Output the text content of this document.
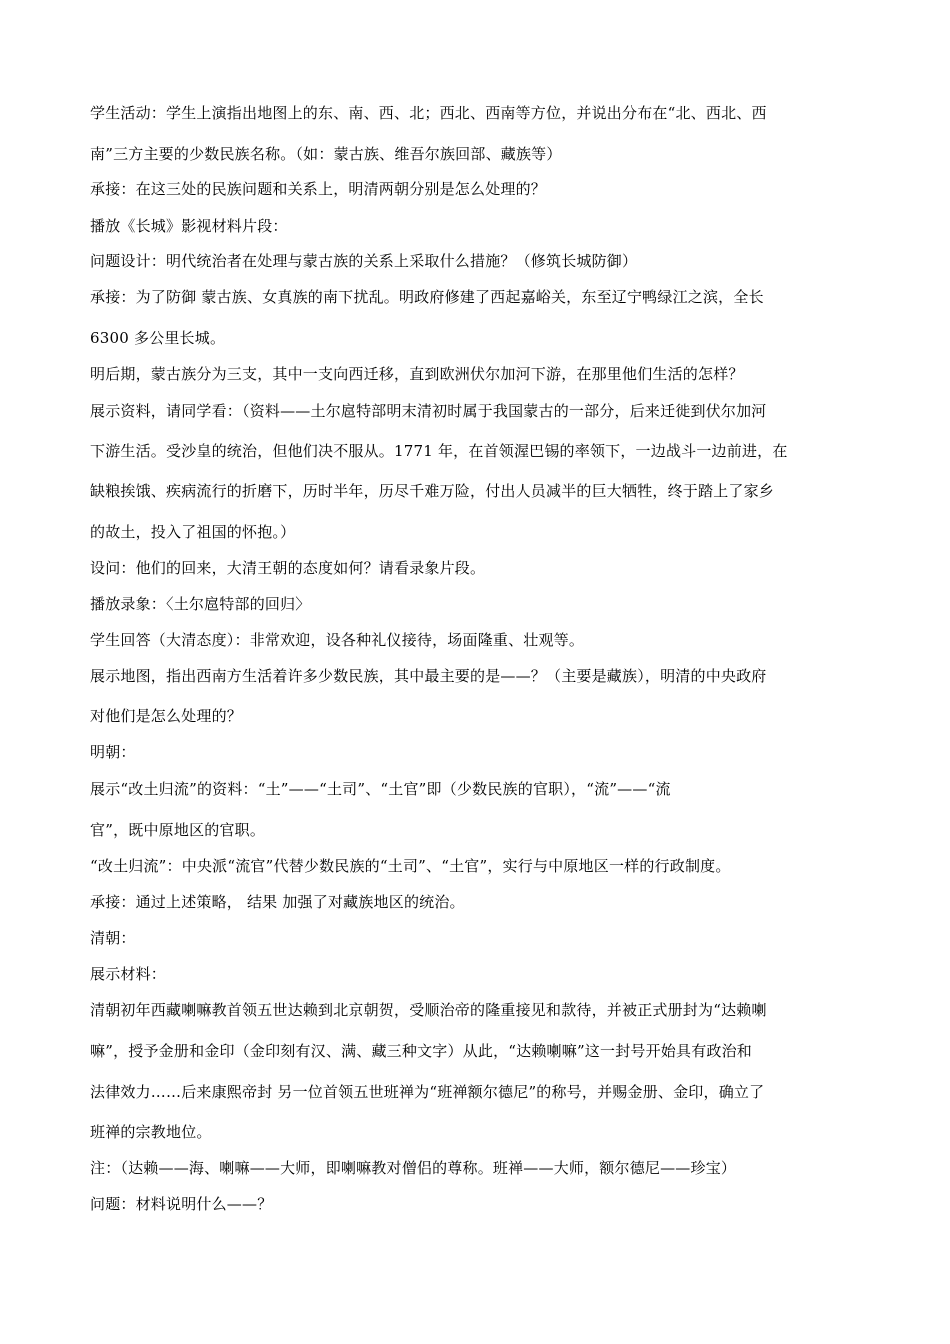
学生活动：学生上演指出地图上的东、南、西、北；西北、西南等方位，并说出分布在“北、西北、西
南”三方主要的少数民族名称。（如：蒙古族、维吾尔族回部、藏族等）
承接：在这三处的民族问题和关系上，明清两朝分别是怎么处理的？
播放《长城》影视材料片段：
问题设计：明代统治者在处理与蒙古族的关系上采取什么措施？（修筑长城防御）
承接：为了防御 蒙古族、女真族的南下扰乱。明政府修建了西起嘉峪关，东至辽宁鸭绿江之滨，全长
6300 多公里长城。
明后期，蒙古族分为三支，其中一支向西迁移，直到欧洲伏尔加河下游，在那里他们生活的怎样？
展示资料，请同学看：（资料——土尔扈特部明末清初时属于我国蒙古的一部分，后来迁徙到伏尔加河
下游生活。受沙皇的统治，但他们决不服从。1771 年，在首领渥巴锡的率领下，一边战斗一边前进，在
缺粮挨饿、疾病流行的折磨下，历时半年，历尽千难万险，付出人员减半的巨大牺牲，终于踏上了家乡
的故土，投入了祖国的怀抱。）
设问：他们的回来，大清王朝的态度如何？请看录象片段。
播放录象：〈土尔扈特部的回归〉
学生回答（大清态度）：非常欢迎，设各种礼仪接待，场面隆重、壮观等。
展示地图，指出西南方生活着许多少数民族，其中最主要的是——？（主要是藏族），明清的中央政府
对他们是怎么处理的？
明朝：
展示“改土归流”的资料：“土”——“土司”、“土官”即（少数民族的官职），“流”——“流
官”，既中原地区的官职。
“改土归流”：中央派“流官”代替少数民族的“土司”、“土官”，实行与中原地区一样的行政制度。
承接：通过上述策略， 结果 加强了对藏族地区的统治。
清朝：
展示材料：
清朝初年西藏喇嘛教首领五世达赖到北京朝贺，受顺治帝的隆重接见和款待，并被正式册封为“达赖喇
嘛”，授予金册和金印（金印刻有汉、满、藏三种文字）从此，“达赖喇嘛”这一封号开始具有政治和
法律效力……后来康熙帝封 另一位首领五世班禅为“班禅额尔德尼”的称号，并赐金册、金印，确立了
班禅的宗教地位。
注：（达赖——海、喇嘛——大师，即喇嘛教对僧侣的尊称。班禅——大师，额尔德尼——珍宝）
问题：材料说明什么——？
